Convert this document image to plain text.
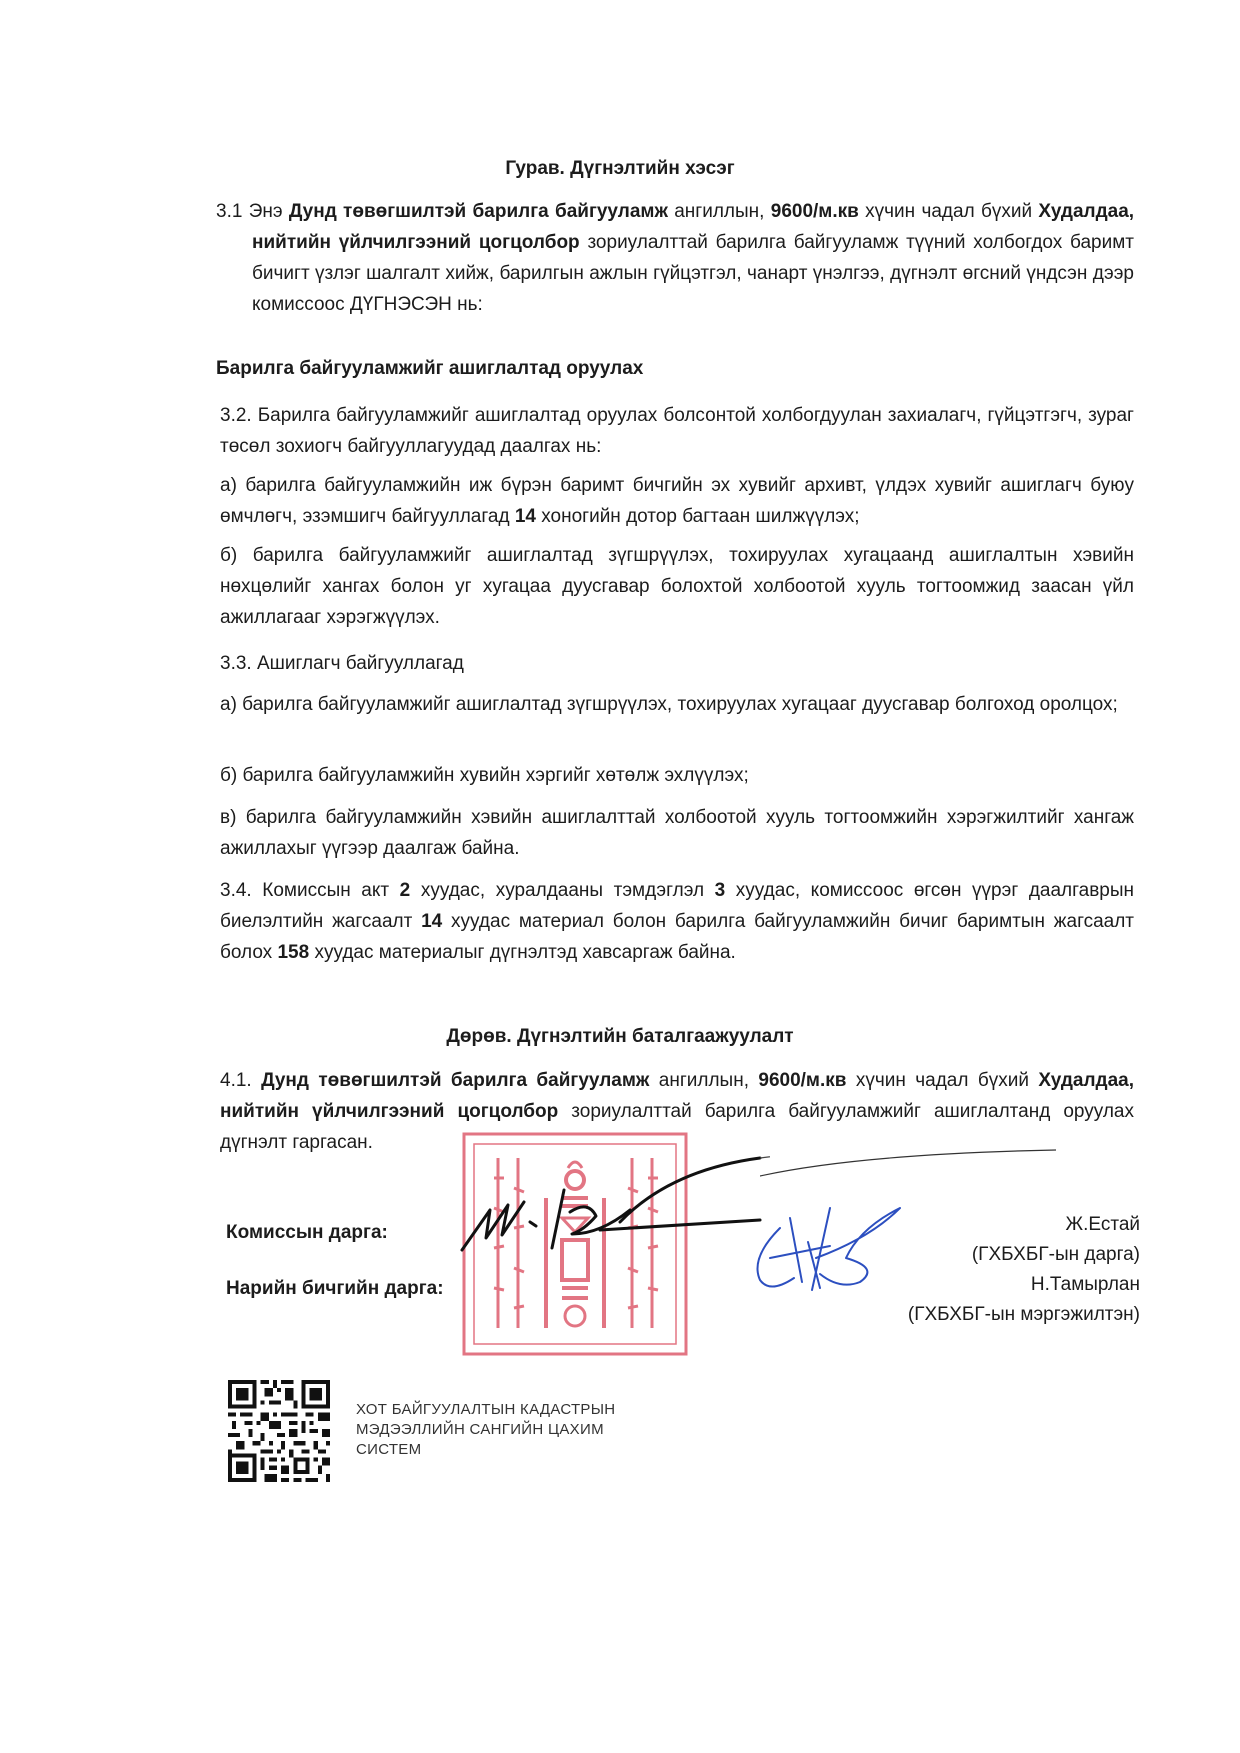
Гурав. Дүгнэлтийн хэсэг
3.1 Энэ Дунд төвөгшилтэй барилга байгууламж ангиллын, 9600/м.кв хүчин чадал бүхий Худалдаа, нийтийн үйлчилгээний цогцолбор зориулалттай барилга байгууламж түүний холбогдох баримт бичигт үзлэг шалгалт хийж, барилгын ажлын гүйцэтгэл, чанарт үнэлгээ, дүгнэлт өгсний үндсэн дээр комиссоос ДҮГНЭСЭН нь:
Барилга байгууламжийг ашиглалтад оруулах
3.2. Барилга байгууламжийг ашиглалтад оруулах болсонтой холбогдуулан захиалагч, гүйцэтгэгч, зураг төсөл зохиогч байгууллагуудад даалгах нь:
а) барилга байгууламжийн иж бүрэн баримт бичгийн эх хувийг архивт, үлдэх хувийг ашиглагч буюу өмчлөгч, эзэмшигч байгууллагад 14 хоногийн дотор багтаан шилжүүлэх;
б) барилга байгууламжийг ашиглалтад зүгшрүүлэх, тохируулах хугацаанд ашиглалтын хэвийн нөхцөлийг хангах болон уг хугацаа дуусгавар болохтой холбоотой хууль тогтоомжид заасан үйл ажиллагааг хэрэгжүүлэх.
3.3. Ашиглагч байгууллагад
а) барилга байгууламжийг ашиглалтад зүгшрүүлэх, тохируулах хугацааг дуусгавар болгоход оролцох;
б) барилга байгууламжийн хувийн хэргийг хөтөлж эхлүүлэх;
в) барилга байгууламжийн хэвийн ашиглалттай холбоотой хууль тогтоомжийн хэрэгжилтийг хангаж ажиллахыг үүгээр даалгаж байна.
3.4. Комиссын акт 2 хуудас, хуралдааны тэмдэглэл 3 хуудас, комиссоос өгсөн үүрэг даалгаврын биелэлтийн жагсаалт 14 хуудас материал болон барилга байгууламжийн бичиг баримтын жагсаалт болох 158 хуудас материалыг дүгнэлтэд хавсаргаж байна.
Дөрөв. Дүгнэлтийн баталгаажуулалт
4.1. Дунд төвөгшилтэй барилга байгууламж ангиллын, 9600/м.кв хүчин чадал бүхий Худалдаа, нийтийн үйлчилгээний цогцолбор зориулалттай барилга байгууламжийг ашиглалтанд оруулах дүгнэлт гаргасан.
Комиссын дарга:
Нарийн бичгийн дарга:
Ж.Естай
(ГХБХБГ-ын дарга)
Н.Тамырлан
(ГХБХБГ-ын мэргэжилтэн)
ХОТ БАЙГУУЛАЛТЫН КАДАСТРЫН
МЭДЭЭЛЛИЙН САНГИЙН ЦАХИМ
СИСТЕМ
